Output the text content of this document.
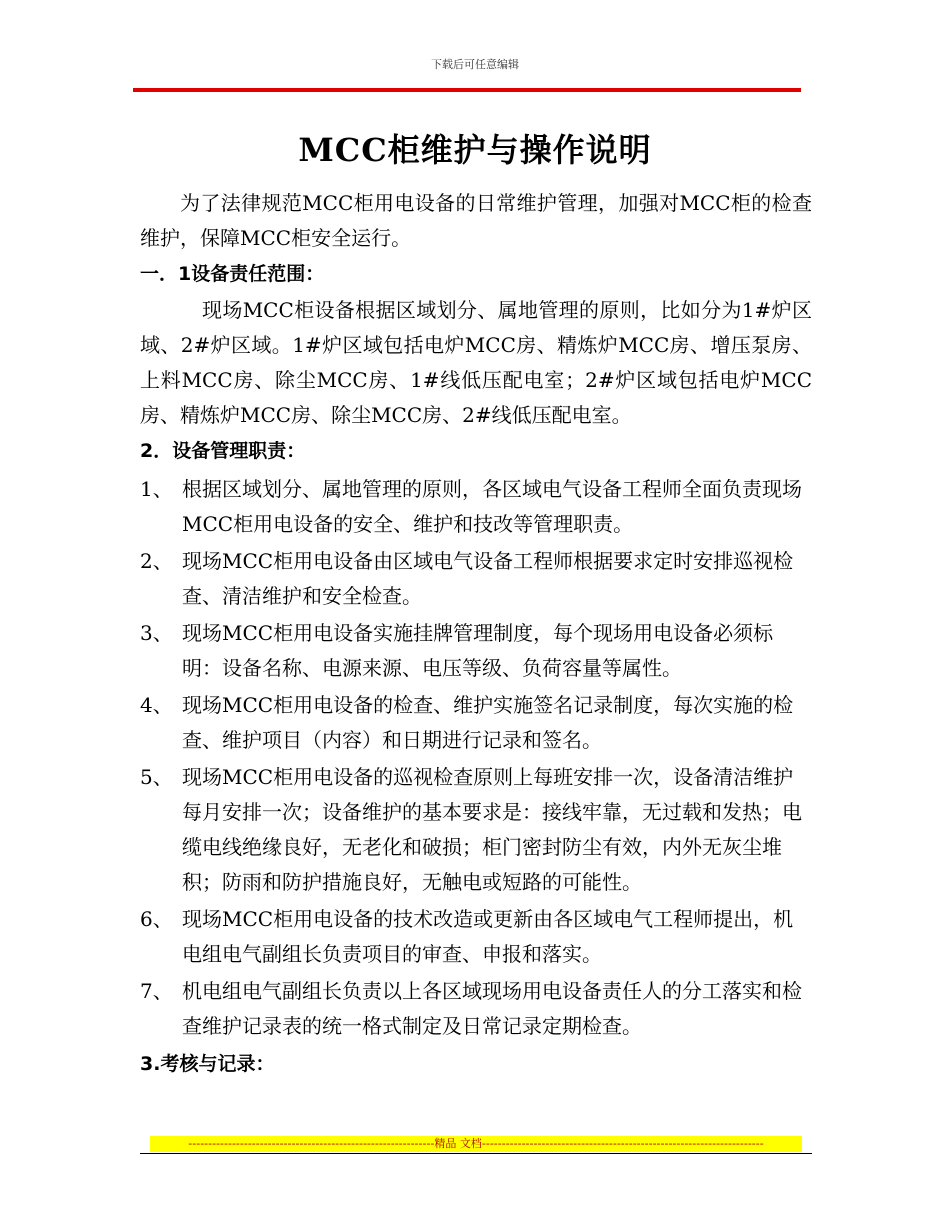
下载后可任意编辑
MCC柜维护与操作说明

为了法律规范MCC柜用电设备的日常维护管理，加强对MCC柜的检查维护，保障MCC柜安全运行。

一．1设备责任范围：

现场MCC柜设备根据区域划分、属地管理的原则，比如分为1#炉区域、2#炉区域。1#炉区域包括电炉MCC房、精炼炉MCC房、增压泵房、上料MCC房、除尘MCC房、1#线低压配电室；2#炉区域包括电炉MCC房、精炼炉MCC房、除尘MCC房、2#线低压配电室。

2．设备管理职责：

1、 根据区域划分、属地管理的原则，各区域电气设备工程师全面负责现场MCC柜用电设备的安全、维护和技改等管理职责。
2、 现场MCC柜用电设备由区域电气设备工程师根据要求定时安排巡视检查、清洁维护和安全检查。
3、 现场MCC柜用电设备实施挂牌管理制度，每个现场用电设备必须标明：设备名称、电源来源、电压等级、负荷容量等属性。
4、 现场MCC柜用电设备的检查、维护实施签名记录制度，每次实施的检查、维护项目（内容）和日期进行记录和签名。
5、 现场MCC柜用电设备的巡视检查原则上每班安排一次，设备清洁维护每月安排一次；设备维护的基本要求是：接线牢靠，无过载和发热；电缆电线绝缘良好，无老化和破损；柜门密封防尘有效，内外无灰尘堆积；防雨和防护措施良好，无触电或短路的可能性。
6、 现场MCC柜用电设备的技术改造或更新由各区域电气工程师提出，机电组电气副组长负责项目的审查、申报和落实。
7、 机电组电气副组长负责以上各区域现场用电设备责任人的分工落实和检查维护记录表的统一格式制定及日常记录定期检查。

3.考核与记录：

--------------------------------------------------------------精品 文档-----------------------------------------------------------------------
